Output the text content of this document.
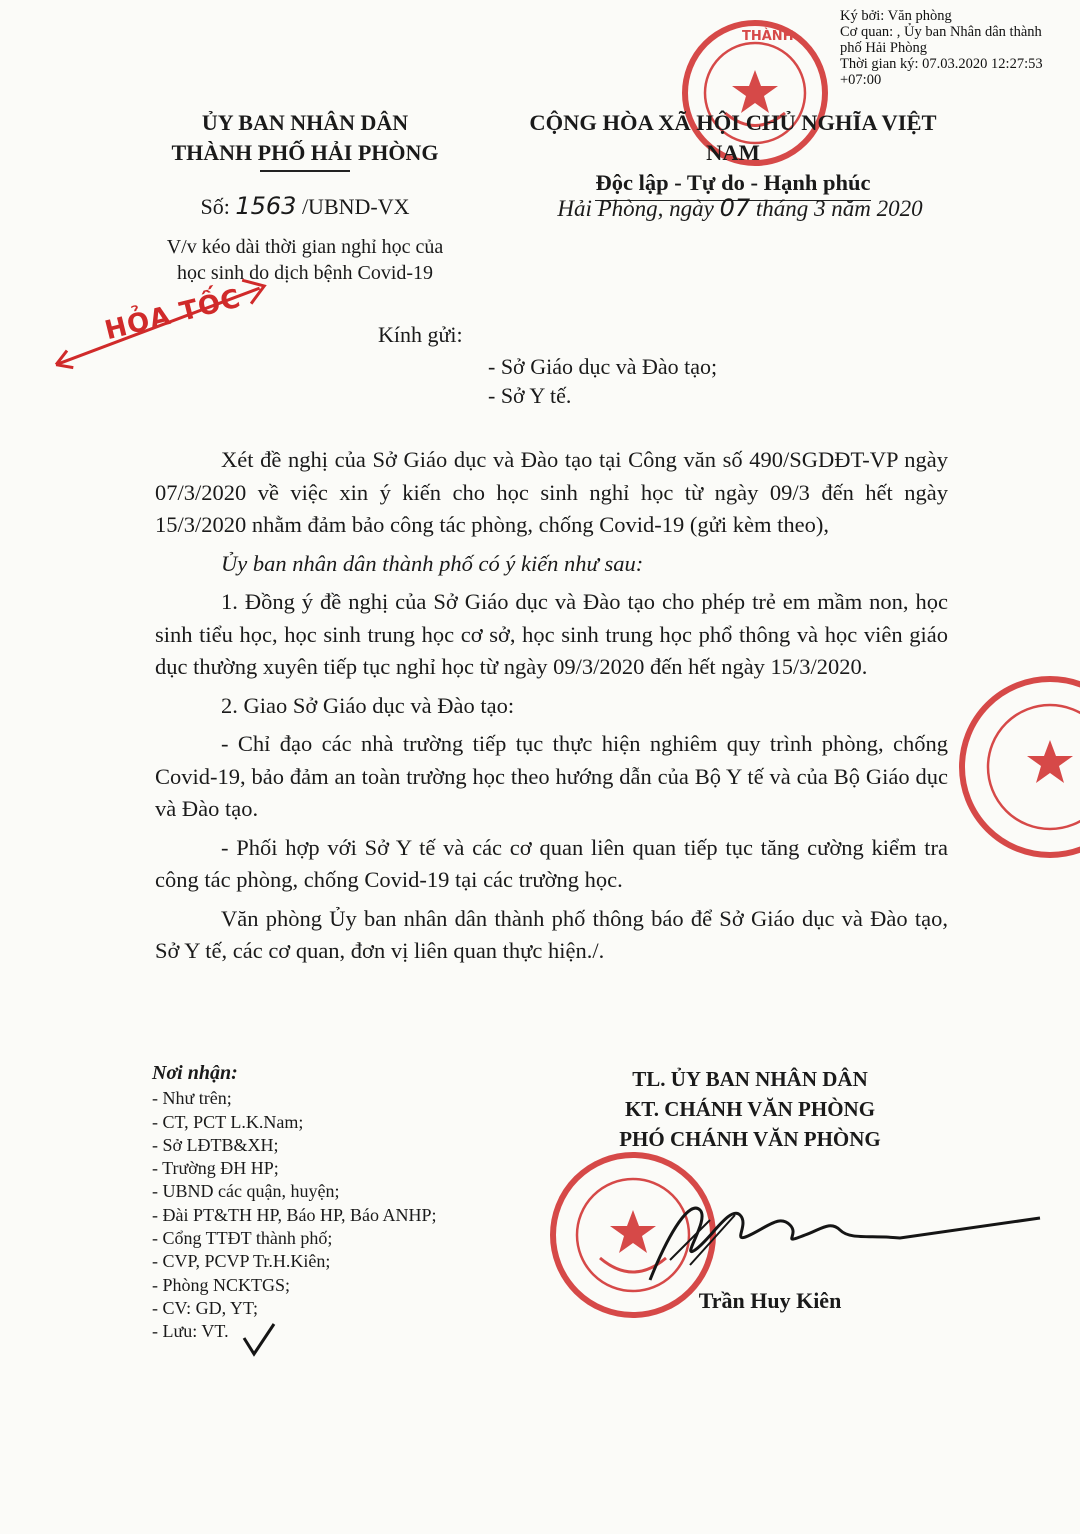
Ký bởi: Văn phòng
Cơ quan: , Ủy ban Nhân dân thành
phố Hải Phòng
Thời gian ký: 07.03.2020 12:27:53
+07:00
THÀNH
ỦY BAN NHÂN DÂN
THÀNH PHỐ HẢI PHÒNG
CỘNG HÒA XÃ HỘI CHỦ NGHĨA VIỆT NAM
Độc lập - Tự do - Hạnh phúc
Số: 1563 /UBND-VX
V/v kéo dài thời gian nghỉ học của
học sinh do dịch bệnh Covid-19
Hải Phòng, ngày 07 tháng 3 năm 2020
HỎA TỐC	Kính gửi:
- Sở Giáo dục và Đào tạo;
- Sở Y tế.

Xét đề nghị của Sở Giáo dục và Đào tạo tại Công văn số 490/SGDĐT-VP ngày 07/3/2020 về việc xin ý kiến cho học sinh nghỉ học từ ngày 09/3 đến hết ngày 15/3/2020 nhằm đảm bảo công tác phòng, chống Covid-19 (gửi kèm theo),

Ủy ban nhân dân thành phố có ý kiến như sau:

1. Đồng ý đề nghị của Sở Giáo dục và Đào tạo cho phép trẻ em mầm non, học sinh tiểu học, học sinh trung học cơ sở, học sinh trung học phổ thông và học viên giáo dục thường xuyên tiếp tục nghỉ học từ ngày 09/3/2020 đến hết ngày 15/3/2020.

2. Giao Sở Giáo dục và Đào tạo:

- Chỉ đạo các nhà trường tiếp tục thực hiện nghiêm quy trình phòng, chống Covid-19, bảo đảm an toàn trường học theo hướng dẫn của Bộ Y tế và của Bộ Giáo dục và Đào tạo.

- Phối hợp với Sở Y tế và các cơ quan liên quan tiếp tục tăng cường kiểm tra công tác phòng, chống Covid-19 tại các trường học.

Văn phòng Ủy ban nhân dân thành phố thông báo để Sở Giáo dục và Đào tạo, Sở Y tế, các cơ quan, đơn vị liên quan thực hiện./.

Nơi nhận:
- Như trên;
- CT, PCT L.K.Nam;
- Sở LĐTB&XH;
- Trường ĐH HP;
- UBND các quận, huyện;
- Đài PT&TH HP, Báo HP, Báo ANHP;
- Cổng TTĐT thành phố;
- CVP, PCVP Tr.H.Kiên;
- Phòng NCKTGS;
- CV: GD, YT;
- Lưu: VT.
TL. ỦY BAN NHÂN DÂN
KT. CHÁNH VĂN PHÒNG
PHÓ CHÁNH VĂN PHÒNG
Trần Huy Kiên
